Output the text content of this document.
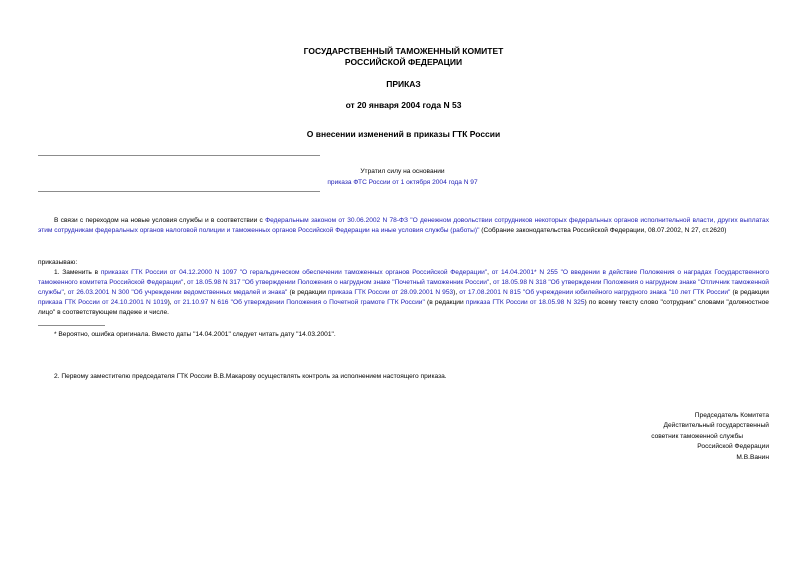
ГОСУДАРСТВЕННЫЙ ТАМОЖЕННЫЙ КОМИТЕТ
РОССИЙСКОЙ ФЕДЕРАЦИИ
ПРИКАЗ
от 20 января 2004 года N 53
О внесении изменений в приказы ГТК России
Утратил силу на основании
приказа ФТС России от 1 октября 2004 года N 97
В связи с переходом на новые условия службы и в соответствии с Федеральным законом от 30.06.2002 N 78-ФЗ "О денежном довольствии сотрудников некоторых федеральных органов исполнительной власти, других выплатах этим сотрудникам федеральных органов налоговой полиции и таможенных органов Российской Федерации на иные условия службы (работы)" (Собрание законодательства Российской Федерации, 08.07.2002, N 27, ст.2620)
приказываю:
1. Заменить в приказах ГТК России от 04.12.2000 N 1097 "О геральдическом обеспечении таможенных органов Российской Федерации", от 14.04.2001* N 255 "О введении в действие Положения о наградах Государственного таможенного комитета Российской Федерации", от 18.05.98 N 317 "Об утверждении Положения о нагрудном знаке "Почетный таможенник России", от 18.05.98 N 318 "Об утверждении Положения о нагрудном знаке "Отличник таможенной службы", от 26.03.2001 N 300 "Об учреждении ведомственных медалей и знака" (в редакции приказа ГТК России от 28.09.2001 N 953), от 17.08.2001 N 815 "Об учреждении юбилейного нагрудного знака "10 лет ГТК России" (в редакции приказа ГТК России от 24.10.2001 N 1019), от 21.10.97 N 616 "Об утверждении Положения о Почетной грамоте ГТК России" (в редакции приказа ГТК России от 18.05.98 N 325) по всему тексту слово "сотрудник" словами "должностное лицо" в соответствующем падеже и числе.
* Вероятно, ошибка оригинала. Вместо даты "14.04.2001" следует читать дату "14.03.2001".
2. Первому заместителю председателя ГТК России В.В.Макарову осуществлять контроль за исполнением настоящего приказа.
Председатель Комитета
Действительный государственный
советник таможенной службы
Российской Федерации
М.В.Ванин
